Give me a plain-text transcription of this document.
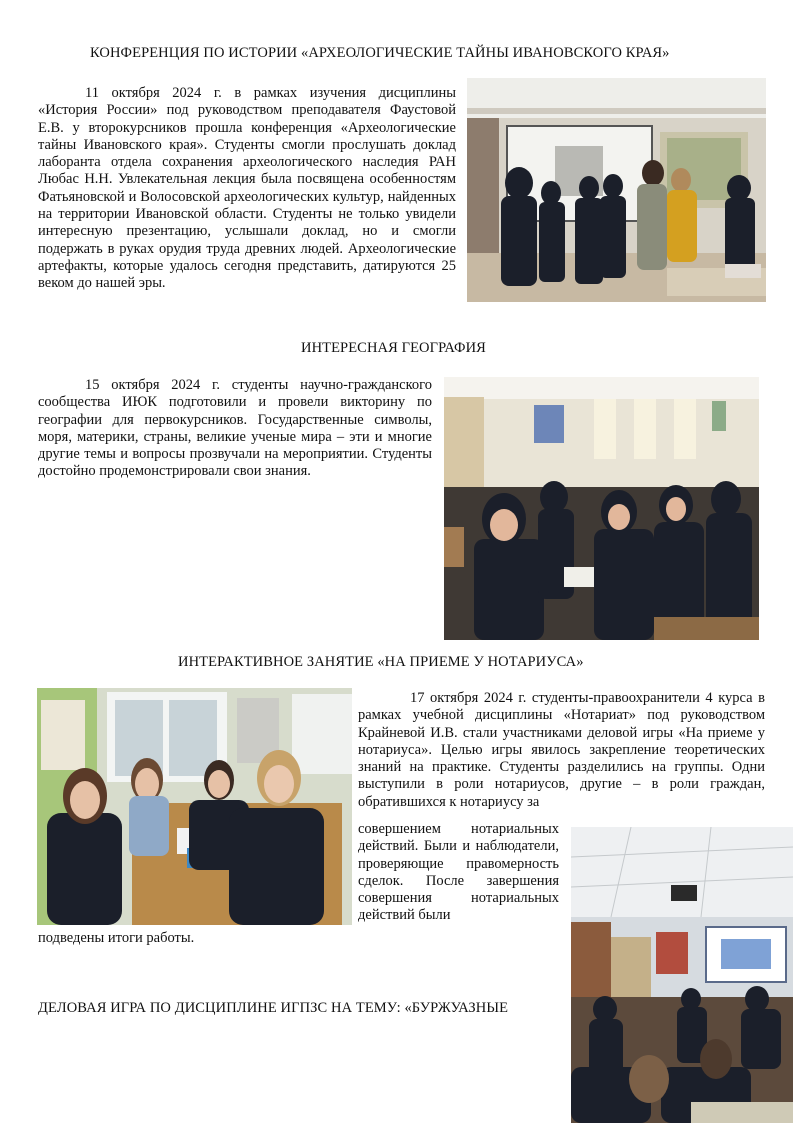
КОНФЕРЕНЦИЯ ПО ИСТОРИИ «АРХЕОЛОГИЧЕСКИЕ ТАЙНЫ ИВАНОВСКОГО КРАЯ»

11 октября 2024 г. в рамках изучения дисциплины «История России» под руководством преподавателя Фаустовой Е.В. у второкурсников прошла конференция «Археологические тайны Ивановского края». Студенты смогли прослушать доклад лаборанта отдела сохранения археологического наследия РАН Любас Н.Н. Увлекательная лекция была посвящена особенностям Фатьяновской и Волосовской археологических культур, найденных на территории Ивановской области. Студенты не только увидели интересную презентацию, услышали доклад, но и смогли подержать в руках орудия труда древних людей. Археологические артефакты, которые удалось сегодня представить, датируются 25 веком до нашей эры.

ИНТЕРЕСНАЯ ГЕОГРАФИЯ

15 октября 2024 г. студенты научно-гражданского сообщества ИЮК подготовили и провели викторину по географии для первокурсников. Государственные символы, моря, материки, страны, великие ученые мира – эти и многие другие темы и вопросы прозвучали на мероприятии. Студенты достойно продемонстрировали свои знания.

ИНТЕРАКТИВНОЕ ЗАНЯТИЕ «НА ПРИЕМЕ У НОТАРИУСА»

17 октября 2024 г. студенты-правоохранители 4 курса в рамках учебной дисциплины «Нотариат» под руководством Крайневой И.В. стали участниками деловой игры «На приеме у нотариуса». Целью игры явилось закрепление теоретических знаний на практике. Студенты разделились на группы. Одни выступили в роли нотариусов, другие – в роли граждан, обратившихся к нотариусу за

совершением нотариальных действий. Были и наблюдатели, проверяющие правомерность сделок. После завершения совершения нотариальных действий были

подведены итоги работы.

ДЕЛОВАЯ ИГРА ПО ДИСЦИПЛИНЕ ИГПЗС НА ТЕМУ: «БУРЖУАЗНЫЕ
